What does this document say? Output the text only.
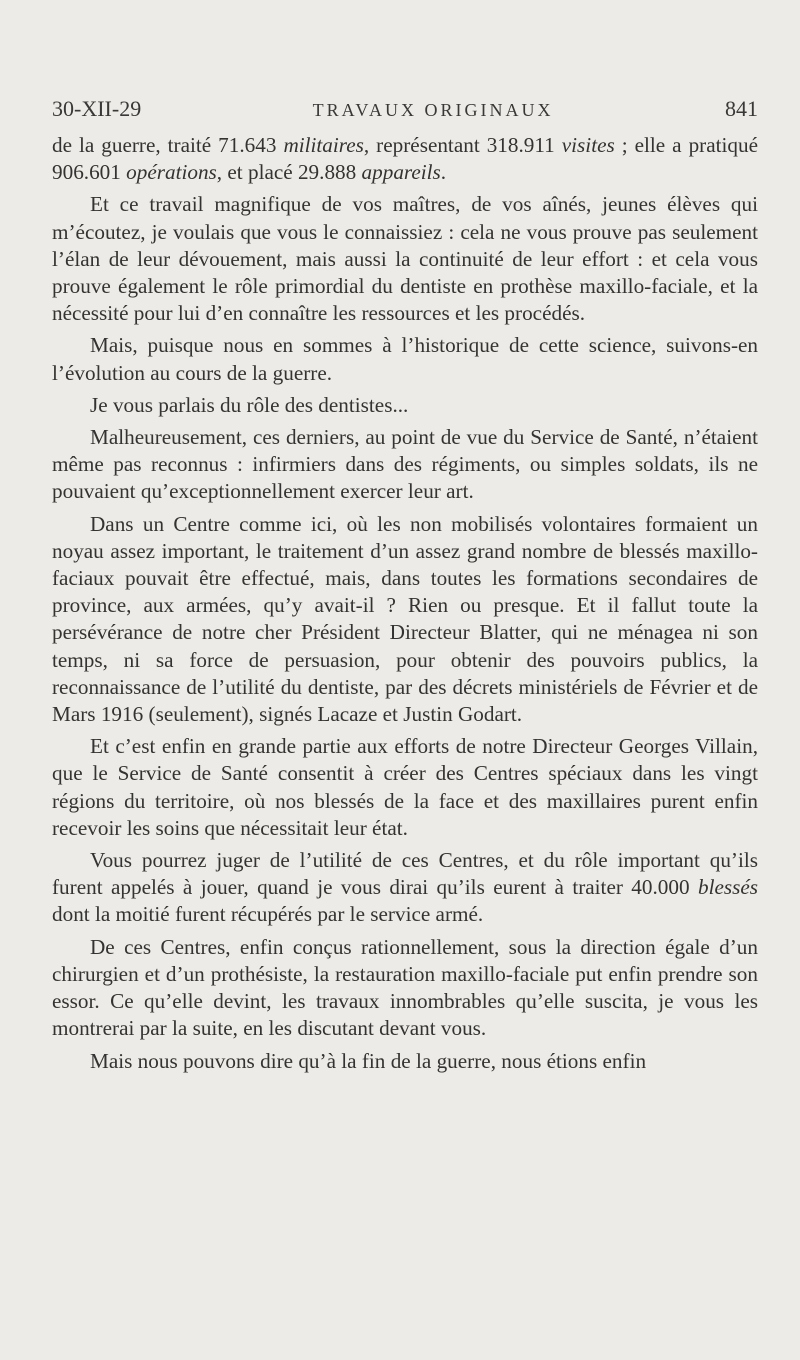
30-XII-29	TRAVAUX ORIGINAUX	841

de la guerre, traité 71.643 militaires, représentant 318.911 visites ; elle a pratiqué 906.601 opérations, et placé 29.888 appareils.

Et ce travail magnifique de vos maîtres, de vos aînés, jeunes élèves qui m’écoutez, je voulais que vous le connaissiez : cela ne vous prouve pas seulement l’élan de leur dévouement, mais aussi la continuité de leur effort : et cela vous prouve également le rôle primordial du dentiste en prothèse maxillo-faciale, et la nécessité pour lui d’en connaître les ressources et les procédés.

Mais, puisque nous en sommes à l’historique de cette science, suivons-en l’évolution au cours de la guerre.

Je vous parlais du rôle des dentistes...

Malheureusement, ces derniers, au point de vue du Service de Santé, n’étaient même pas reconnus : infirmiers dans des régiments, ou simples soldats, ils ne pouvaient qu’exceptionnellement exercer leur art.

Dans un Centre comme ici, où les non mobilisés volontaires formaient un noyau assez important, le traitement d’un assez grand nombre de blessés maxillo-faciaux pouvait être effectué, mais, dans toutes les formations secondaires de province, aux armées, qu’y avait-il ? Rien ou presque. Et il fallut toute la persévérance de notre cher Président Directeur Blatter, qui ne ménagea ni son temps, ni sa force de persuasion, pour obtenir des pouvoirs publics, la reconnaissance de l’utilité du dentiste, par des décrets ministériels de Février et de Mars 1916 (seulement), signés Lacaze et Justin Godart.

Et c’est enfin en grande partie aux efforts de notre Directeur Georges Villain, que le Service de Santé consentit à créer des Centres spéciaux dans les vingt régions du territoire, où nos blessés de la face et des maxillaires purent enfin recevoir les soins que nécessitait leur état.

Vous pourrez juger de l’utilité de ces Centres, et du rôle important qu’ils furent appelés à jouer, quand je vous dirai qu’ils eurent à traiter 40.000 blessés dont la moitié furent récupérés par le service armé.

De ces Centres, enfin conçus rationnellement, sous la direction égale d’un chirurgien et d’un prothésiste, la restauration maxillo-faciale put enfin prendre son essor. Ce qu’elle devint, les travaux innombrables qu’elle suscita, je vous les montrerai par la suite, en les discutant devant vous.

Mais nous pouvons dire qu’à la fin de la guerre, nous étions enfin
